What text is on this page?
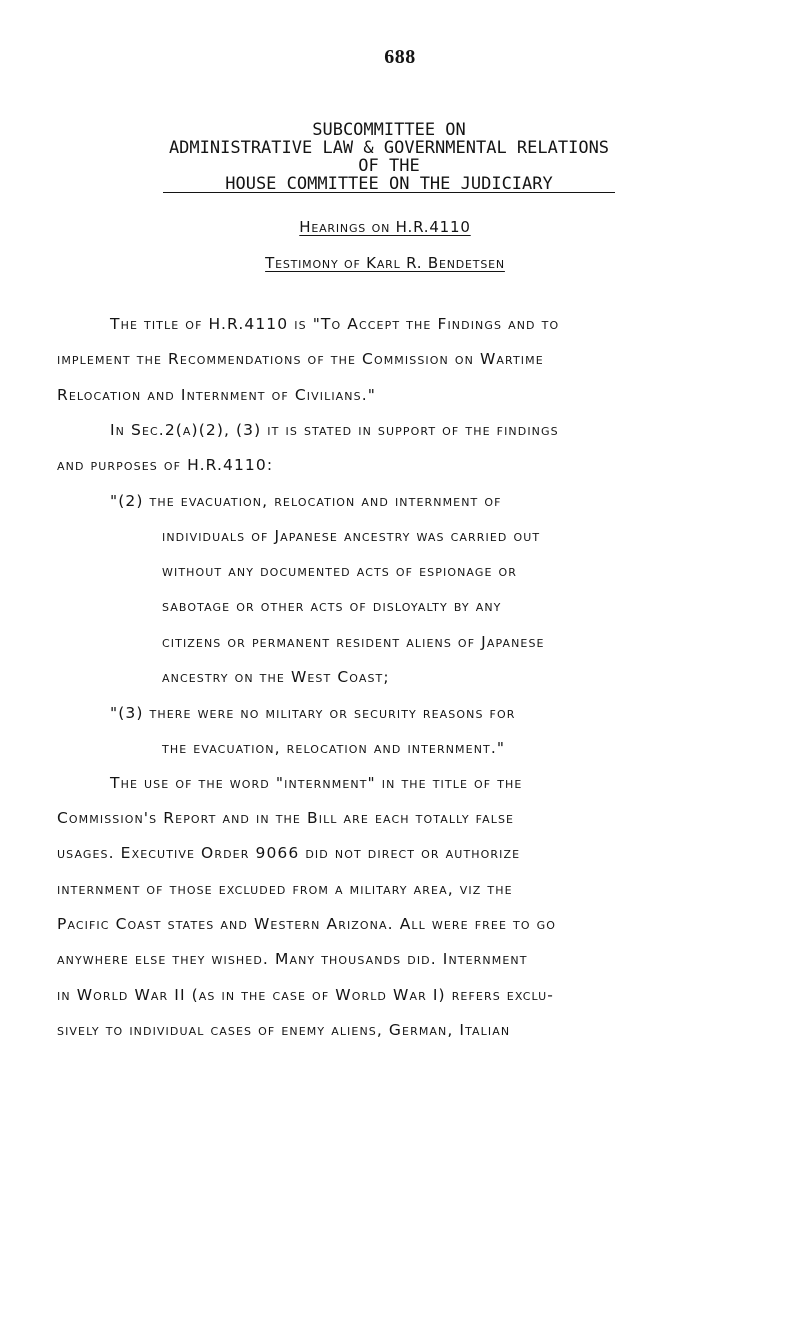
688
SUBCOMMITTEE ON
ADMINISTRATIVE LAW & GOVERNMENTAL RELATIONS
OF THE
HOUSE COMMITTEE ON THE JUDICIARY
Hearings on H.R.4110
Testimony of Karl R. Bendetsen
The title of H.R.4110 is "To Accept the Findings and to
implement the Recommendations of the Commission on Wartime
Relocation and Internment of Civilians."
In Sec.2(a)(2), (3) it is stated in support of the findings
and purposes of H.R.4110:
"(2) the evacuation, relocation and internment of
individuals of Japanese ancestry was carried out
without any documented acts of espionage or
sabotage or other acts of disloyalty by any
citizens or permanent resident aliens of Japanese
ancestry on the West Coast;
"(3) there were no military or security reasons for
the evacuation, relocation and internment."
The use of the word "internment" in the title of the
Commission's Report and in the Bill are each totally false
usages. Executive Order 9066 did not direct or authorize
internment of those excluded from a military area, viz the
Pacific Coast states and Western Arizona. All were free to go
anywhere else they wished. Many thousands did. Internment
in World War II (as in the case of World War I) refers exclu-
sively to individual cases of enemy aliens, German, Italian
